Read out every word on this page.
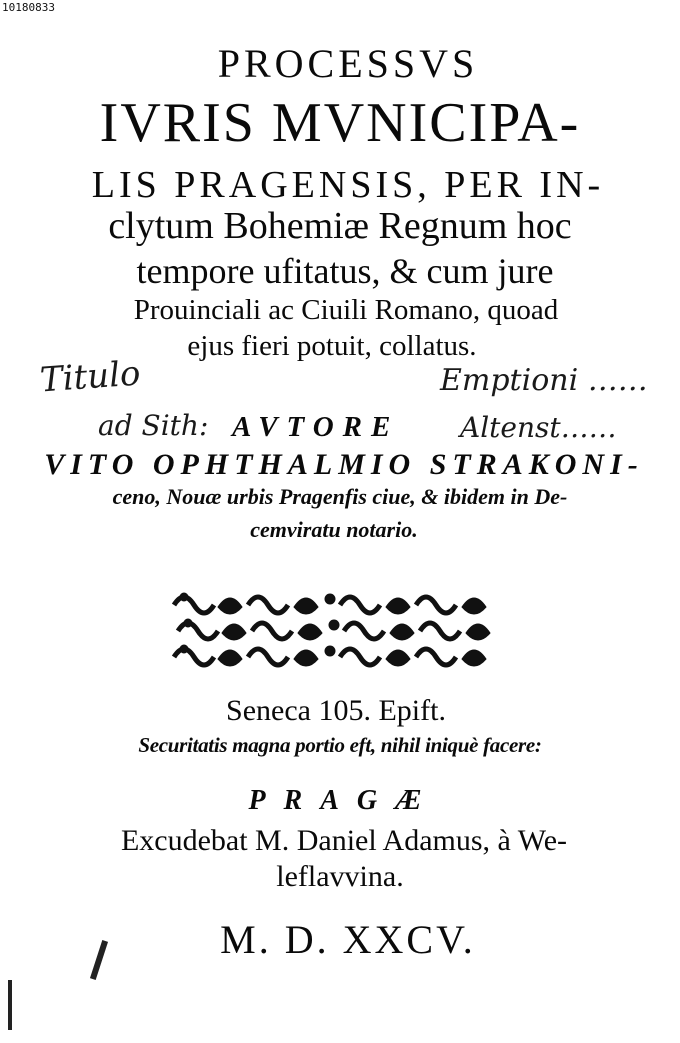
10180833
PROCESSVS
IVRIS MVNICIPA-
LIS PRAGENSIS, PER IN-
clytum Bohemiæ Regnum hoc
tempore ufitatus, & cum jure
Prouinciali ac Ciuili Romano, quoad
ejus fieri potuit, collatus.
Titulo
ad Sith:
Emptioni ……
Altenst……
AVTORE
VITO OPHTHALMIO STRAKONI-
ceno, Nouæ urbis Pragenfis ciue, & ibidem in De-
cemviratu notario.
Seneca 105. Epift.
Securitatis magna portio eft, nihil iniquè facere:
PRAGÆ
Excudebat M. Daniel Adamus, à We-
leflavvina.
M. D. XXCV.
